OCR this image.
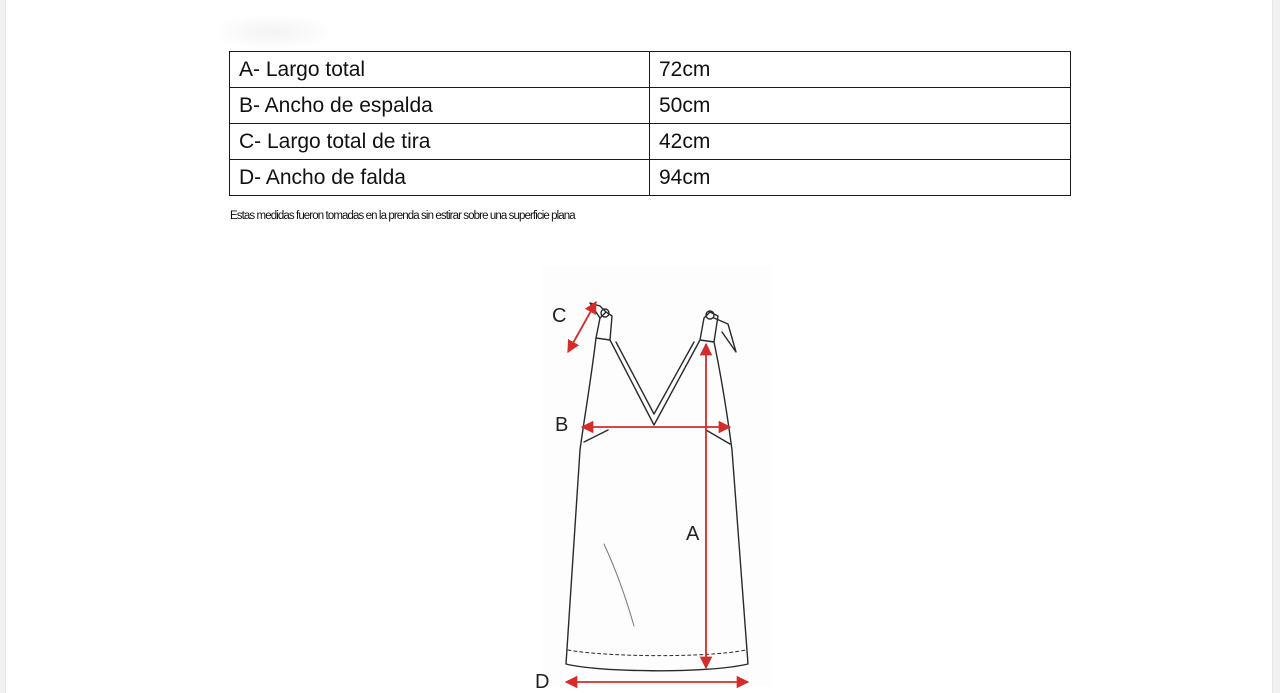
A- Largo total	72cm
B- Ancho de espalda	50cm
C- Largo total de tira	42cm
D- Ancho de falda	94cm
Estas medidas fueron tomadas en la prenda sin estirar sobre una superficie plana
C
B
A
D
